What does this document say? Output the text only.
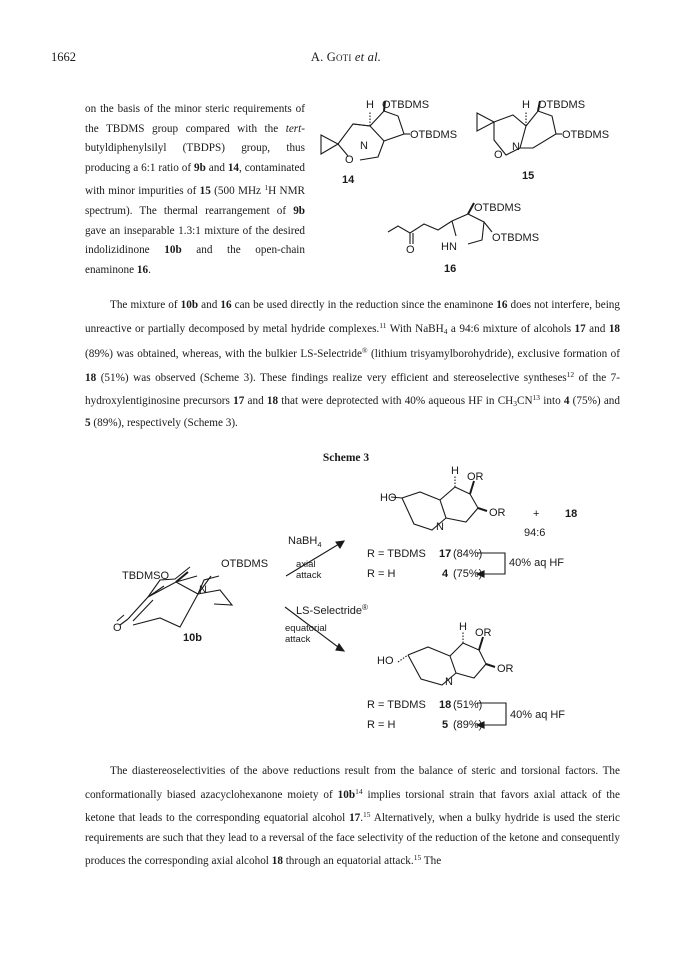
1662	A. Goti et al.
on the basis of the minor steric requirements of the TBDMS group compared with the tert-butyldiphenylsilyl (TBDPS) group, thus producing a 6:1 ratio of 9b and 14, contaminated with minor impurities of 15 (500 MHz $^1$H NMR spectrum). The thermal rearrangement of 9b gave an inseparable 1.3:1 mixture of the desired indolizidinone 10b and the open-chain enaminone 16.
The mixture of 10b and 16 can be used directly in the reduction since the enaminone 16 does not interfere, being unreactive or partially decomposed by metal hydride complexes.$^{11}$ With NaBH$_4$ a 94:6 mixture of alcohols 17 and 18 (89%) was obtained, whereas, with the bulkier LS-Selectride® (lithium trisyamylborohydride), exclusive formation of 18 (51%) was observed (Scheme 3). These findings realize very efficient and stereoselective syntheses$^{12}$ of the 7-hydroxylentiginosine precursors 17 and 18 that were deprotected with 40% aqueous HF in $CH_3CN^{13}$ into 4 (75%) and 5 (89%), respectively (Scheme 3).
Scheme 3
The diastereoselectivities of the above reductions result from the balance of steric and torsional factors. The conformationally biased azacyclohexanone moiety of $10b^{14}$ implies torsional strain that favors axial attack of the ketone that leads to the corresponding equatorial alcohol 17.15 Alternatively, when a bulky hydride is used the steric requirements are such that they lead to a reversal of the face selectivity of the reduction of the ketone and consequently produces the corresponding axial alcohol 18 through an equatorial attack.$^{15}$ The
H OTBDMS
OTBDMS
N
O
14
H OTBDMS
OTBDMS
N
O
15
OTBDMS
OTBDMS
HN
O
16
TBDMSO
OTBDMS
N
O
10b
NaBH$_4$
axial
attack
HO
H OR
OR
N
+ 18
94:6
R = TBDMS 17 (84%)
R = H	4 (75%)
40% aq HF
LS-Selectride®
equatorial
attack
HO
H OR
OR
N
R = TBDMS 18 (51%)
R = H	5 (89%)
40% aq HF
